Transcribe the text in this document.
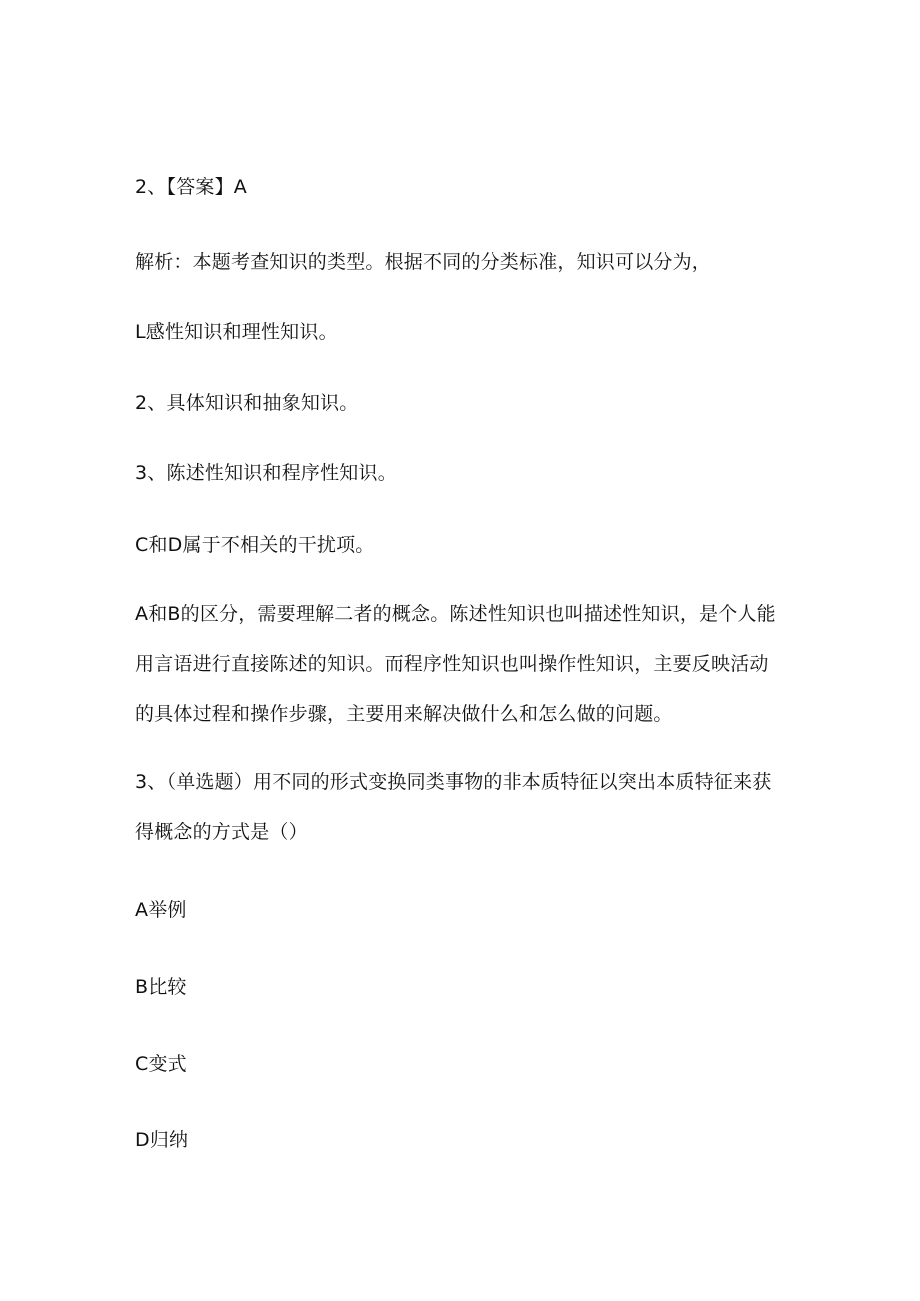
2、【答案】A
解析：本题考查知识的类型。根据不同的分类标准，知识可以分为，
L感性知识和理性知识。
2、具体知识和抽象知识。
3、陈述性知识和程序性知识。
C和D属于不相关的干扰项。
A和B的区分，需要理解二者的概念。陈述性知识也叫描述性知识，是个人能
用言语进行直接陈述的知识。而程序性知识也叫操作性知识，主要反映活动
的具体过程和操作步骤，主要用来解决做什么和怎么做的问题。
3、（单选题）用不同的形式变换同类事物的非本质特征以突出本质特征来获
得概念的方式是（）
A举例
B比较
C变式
D归纳
